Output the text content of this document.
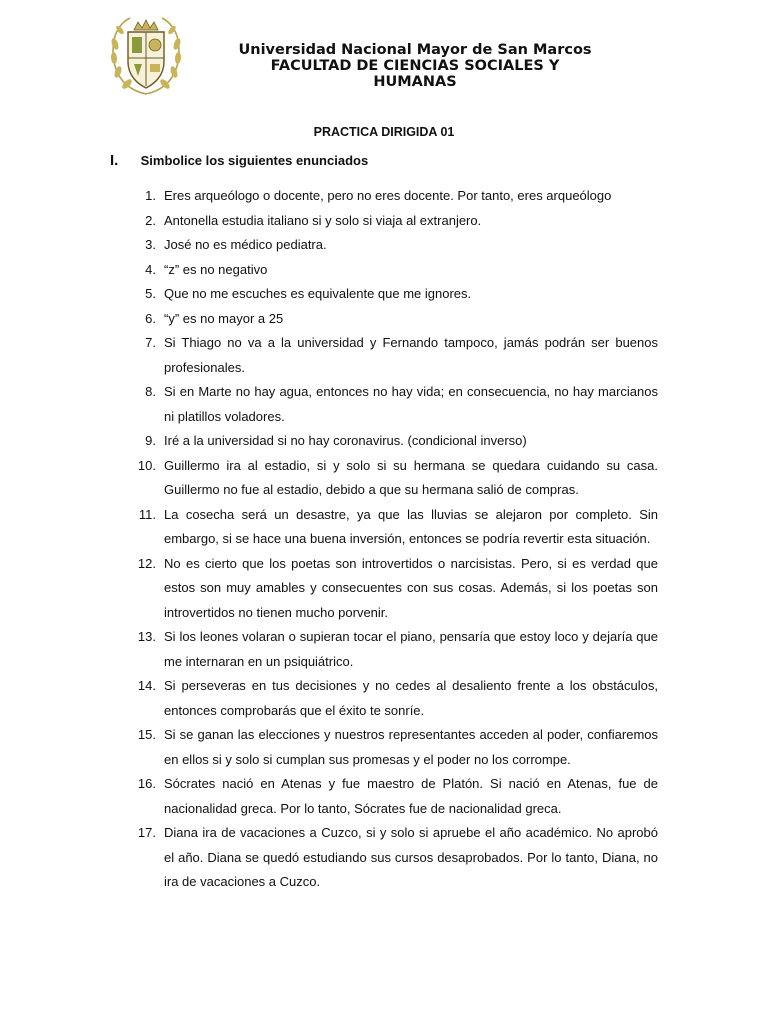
Universidad Nacional Mayor de San Marcos
FACULTAD DE CIENCIAS SOCIALES Y HUMANAS
PRACTICA DIRIGIDA 01
I. Simbolice los siguientes enunciados
1. Eres arqueólogo o docente, pero no eres docente. Por tanto, eres arqueólogo
2. Antonella estudia italiano si y solo si viaja al extranjero.
3. José no es médico pediatra.
4. “z” es no negativo
5. Que no me escuches es equivalente que me ignores.
6. “y” es no mayor a 25
7. Si Thiago no va a la universidad y Fernando tampoco, jamás podrán ser buenos profesionales.
8. Si en Marte no hay agua, entonces no hay vida; en consecuencia, no hay marcianos ni platillos voladores.
9. Iré a la universidad si no hay coronavirus. (condicional inverso)
10. Guillermo ira al estadio, si y solo si su hermana se quedara cuidando su casa. Guillermo no fue al estadio, debido a que su hermana salió de compras.
11. La cosecha será un desastre, ya que las lluvias se alejaron por completo. Sin embargo, si se hace una buena inversión, entonces se podría revertir esta situación.
12. No es cierto que los poetas son introvertidos o narcisistas. Pero, si es verdad que estos son muy amables y consecuentes con sus cosas. Además, si los poetas son introvertidos no tienen mucho porvenir.
13. Si los leones volaran o supieran tocar el piano, pensaría que estoy loco y dejaría que me internaran en un psiquiátrico.
14. Si perseveras en tus decisiones y no cedes al desaliento frente a los obstáculos, entonces comprobarás que el éxito te sonríe.
15. Si se ganan las elecciones y nuestros representantes acceden al poder, confiaremos en ellos si y solo si cumplan sus promesas y el poder no los corrompe.
16. Sócrates nació en Atenas y fue maestro de Platón. Si nació en Atenas, fue de nacionalidad greca. Por lo tanto, Sócrates fue de nacionalidad greca.
17. Diana ira de vacaciones a Cuzco, si y solo si apruebe el año académico. No aprobó el año. Diana se quedó estudiando sus cursos desaprobados. Por lo tanto, Diana, no ira de vacaciones a Cuzco.
